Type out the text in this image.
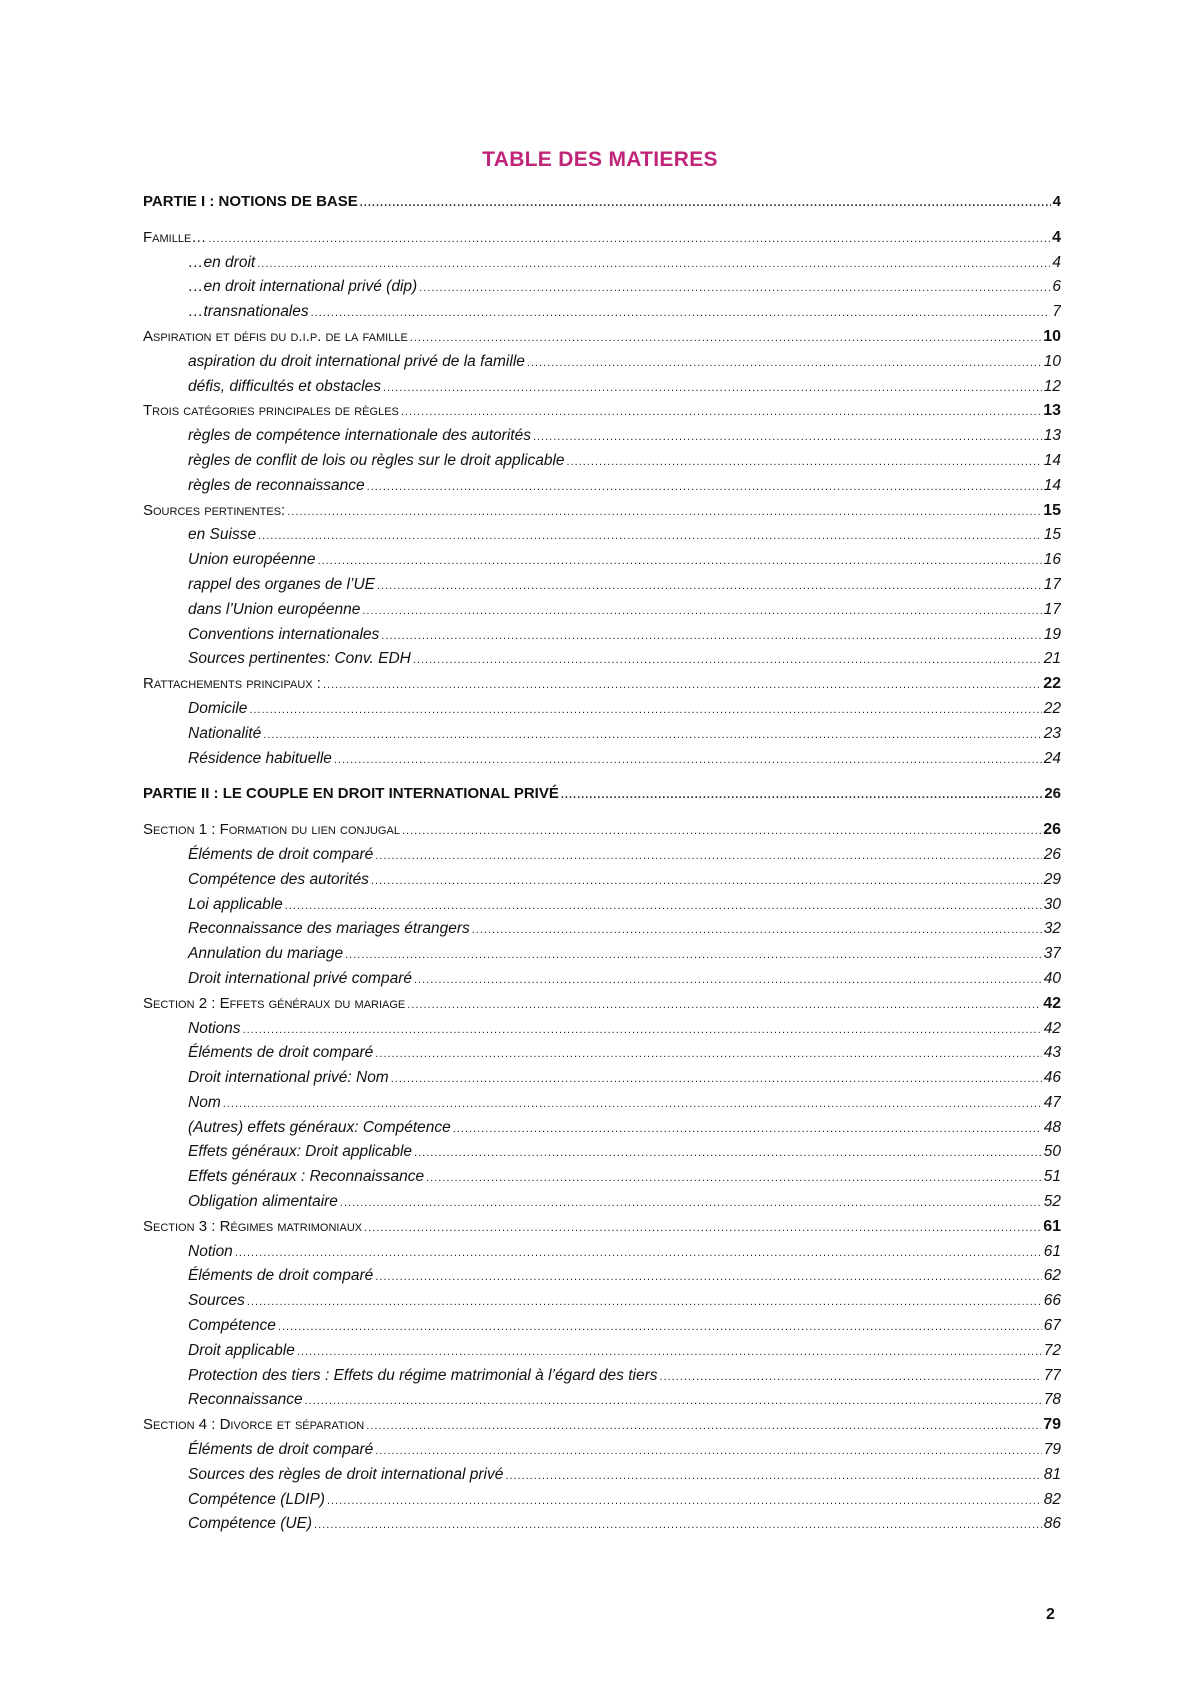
TABLE DES MATIERES
PARTIE I : NOTIONS DE BASE .....	4
Famille… .....	4
…en droit .....	4
…en droit international privé (dip) .....	6
…transnationales .....	7
Aspiration et défis du d.i.p. de la famille .....	10
aspiration du droit international privé de la famille .....	10
défis, difficultés et obstacles .....	12
Trois catégories principales de règles .....	13
règles de compétence internationale des autorités .....	13
règles de conflit de lois ou règles sur le droit applicable .....	14
règles de reconnaissance .....	14
Sources pertinentes: .....	15
en Suisse .....	15
Union européenne .....	16
rappel des organes de l’UE .....	17
dans l’Union européenne .....	17
Conventions internationales .....	19
Sources pertinentes: Conv. EDH .....	21
Rattachements principaux : .....	22
Domicile .....	22
Nationalité .....	23
Résidence habituelle .....	24
PARTIE II : LE COUPLE EN DROIT INTERNATIONAL PRIVÉ .....	26
Section 1 : Formation du lien conjugal .....	26
Éléments de droit comparé .....	26
Compétence des autorités .....	29
Loi applicable .....	30
Reconnaissance des mariages étrangers .....	32
Annulation du mariage .....	37
Droit international privé comparé .....	40
Section 2 : Effets généraux du mariage .....	42
Notions .....	42
Éléments de droit comparé .....	43
Droit international privé: Nom .....	46
Nom .....	47
(Autres) effets généraux: Compétence .....	48
Effets généraux: Droit applicable .....	50
Effets généraux : Reconnaissance .....	51
Obligation alimentaire .....	52
Section 3 : Régimes matrimoniaux .....	61
Notion .....	61
Éléments de droit comparé .....	62
Sources .....	66
Compétence .....	67
Droit applicable .....	72
Protection des tiers : Effets du régime matrimonial à l’égard des tiers .....	77
Reconnaissance .....	78
Section 4 : Divorce et séparation .....	79
Éléments de droit comparé .....	79
Sources des règles de droit international privé .....	81
Compétence (LDIP) .....	82
Compétence (UE) .....	86
2
